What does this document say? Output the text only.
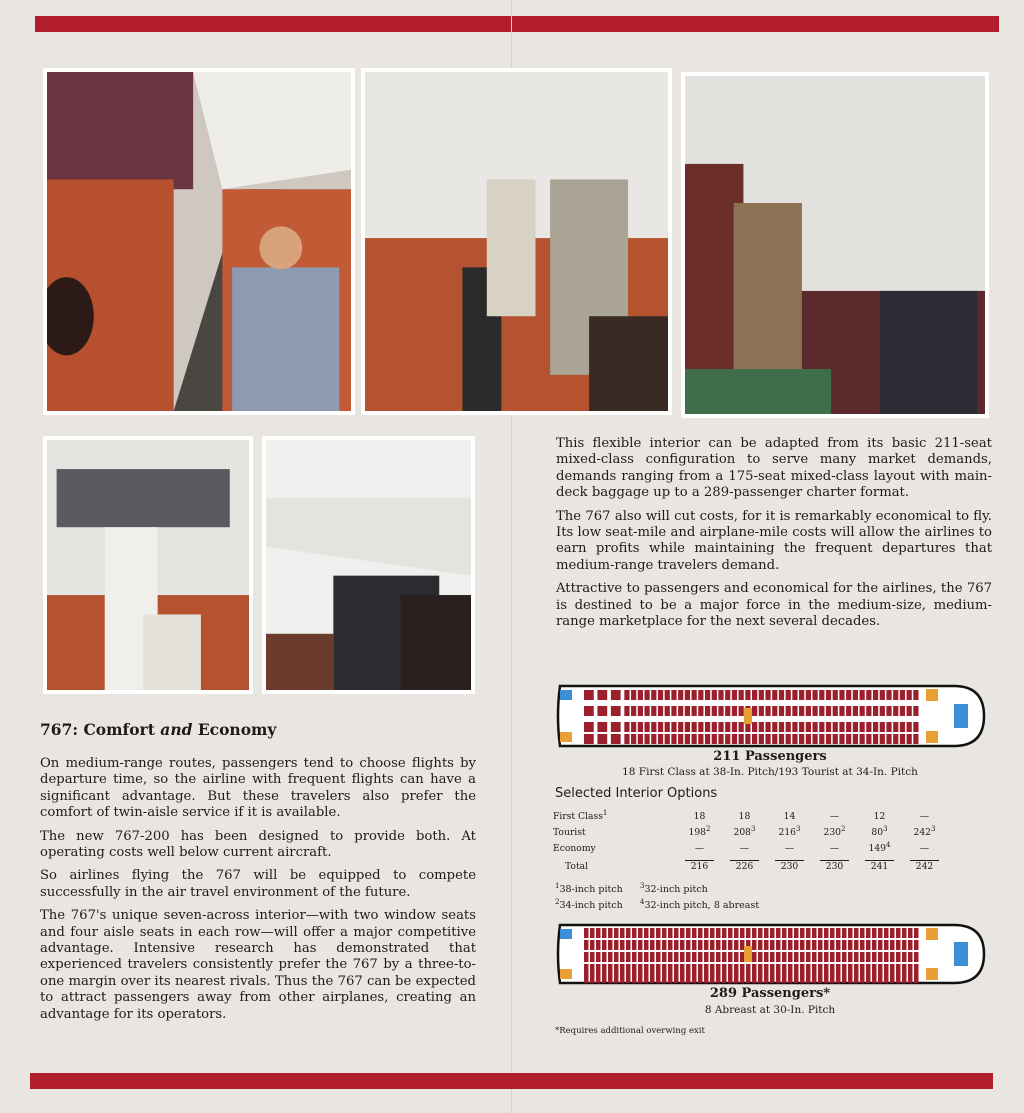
767: Comfort and Economy

On medium-range routes, passengers tend to choose flights by departure time, so the airline with frequent flights can have a significant advantage. But these travelers also prefer the comfort of twin-aisle service if it is available.

The new 767-200 has been designed to provide both. At operating costs well below current aircraft.

So airlines flying the 767 will be equipped to compete successfully in the air travel environment of the future.

The 767's unique seven-across interior—with two window seats and four aisle seats in each row—will offer a major competitive advantage. Intensive research has demonstrated that experienced travelers consistently prefer the 767 by a three-to-one margin over its nearest rivals. Thus the 767 can be expected to attract passengers away from other airplanes, creating an advantage for its operators.

This flexible interior can be adapted from its basic 211-seat mixed-class configuration to serve many market demands, demands ranging from a 175-seat mixed-class layout with main-deck baggage up to a 289-passenger charter format.

The 767 also will cut costs, for it is remarkably economical to fly. Its low seat-mile and airplane-mile costs will allow the airlines to earn profits while maintaining the frequent departures that medium-range travelers demand.

Attractive to passengers and economical for the airlines, the 767 is destined to be a major force in the medium-size, medium-range marketplace for the next several decades.

211 Passengers
18 First Class at 38-In. Pitch/193 Tourist at 34-In. Pitch
Selected Interior Options
First Class$^1$	18	18	14	—	12	—
Tourist	$198^2$	$208^3$	$216^3$	$230^2$	$80^3$	$242^3$
Economy	—	—	—	—	$149^4$	—
Total	216	226	230	230	241	242
$^1$38-inch pitch $^3$32-inch pitch
$^2$34-inch pitch $^4$32-inch pitch, 8 abreast
289 Passengers*
8 Abreast at 30-In. Pitch
*Requires additional overwing exit
